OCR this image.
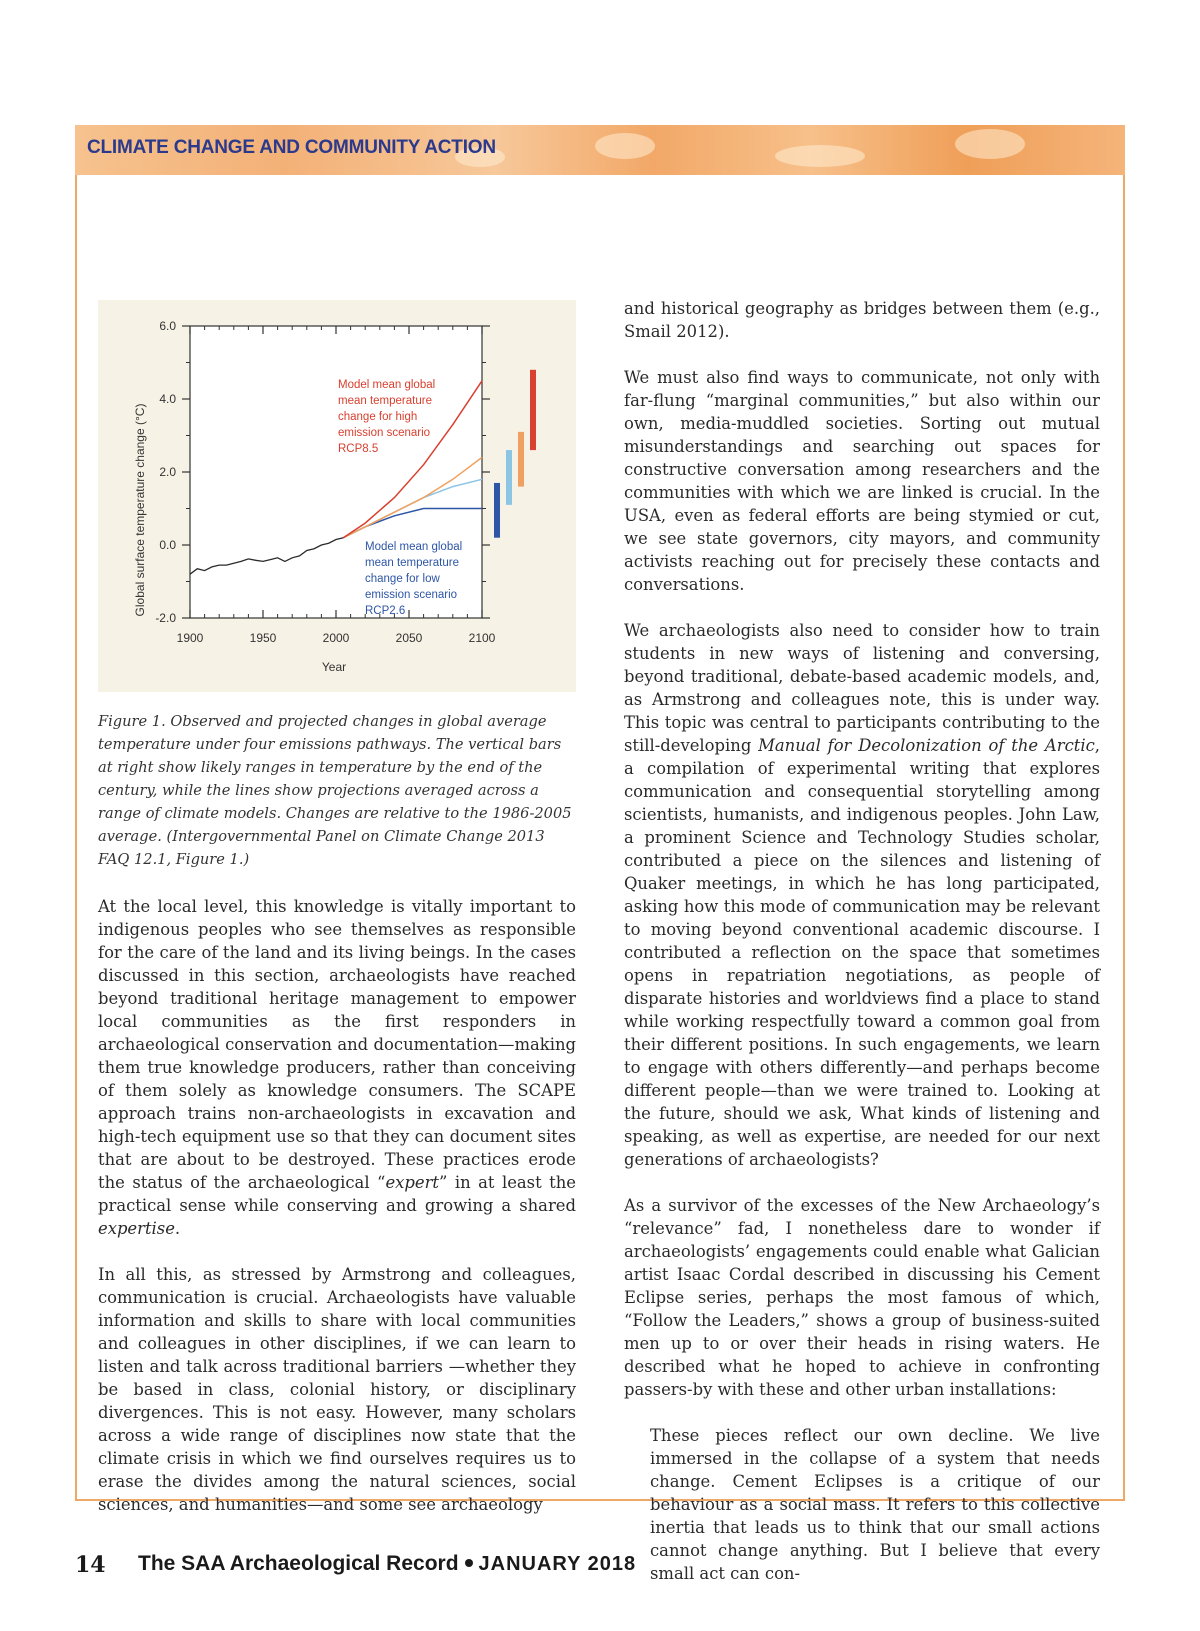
CLIMATE CHANGE AND COMMUNITY ACTION
1900	1950	2000	2050	2100
-2.0
0.0
2.0
4.0
6.0
Global surface temperature change (°C)
Year
Model mean global mean temperature change for high emission scenario RCP8.5
Model mean global mean temperature change for low emission scenario RCP2.6

Figure 1. Observed and projected changes in global average temperature under four emissions pathways. The vertical bars at right show likely ranges in temperature by the end of the century, while the lines show projections averaged across a range of climate models. Changes are relative to the 1986-2005 average. (Intergovernmental Panel on Climate Change 2013 FAQ 12.1, Figure 1.)

At the local level, this knowledge is vitally important to indigenous peoples who see themselves as responsible for the care of the land and its living beings. In the cases discussed in this section, archaeologists have reached beyond traditional heritage management to empower local communities as the first responders in archaeological conservation and documentation—making them true knowledge producers, rather than conceiving of them solely as knowledge consumers. The SCAPE approach trains non-archaeologists in excavation and high-tech equipment use so that they can document sites that are about to be destroyed. These practices erode the status of the archaeological “expert” in at least the practical sense while conserving and growing a shared expertise.

In all this, as stressed by Armstrong and colleagues, communication is crucial. Archaeologists have valuable information and skills to share with local communities and colleagues in other disciplines, if we can learn to listen and talk across traditional barriers —whether they be based in class, colonial history, or disciplinary divergences. This is not easy. However, many scholars across a wide range of disciplines now state that the climate crisis in which we find ourselves requires us to erase the divides among the natural sciences, social sciences, and humanities—and some see archaeology

and historical geography as bridges between them (e.g., Smail 2012).

We must also find ways to communicate, not only with far-flung “marginal communities,” but also within our own, media-muddled societies. Sorting out mutual misunderstandings and searching out spaces for constructive conversation among researchers and the communities with which we are linked is crucial. In the USA, even as federal efforts are being stymied or cut, we see state governors, city mayors, and community activists reaching out for precisely these contacts and conversations.

We archaeologists also need to consider how to train students in new ways of listening and conversing, beyond traditional, debate-based academic models, and, as Armstrong and colleagues note, this is under way. This topic was central to participants contributing to the still-developing Manual for Decolonization of the Arctic, a compilation of experimental writing that explores communication and consequential storytelling among scientists, humanists, and indigenous peoples. John Law, a prominent Science and Technology Studies scholar, contributed a piece on the silences and listening of Quaker meetings, in which he has long participated, asking how this mode of communication may be relevant to moving beyond conventional academic discourse. I contributed a reflection on the space that sometimes opens in repatriation negotiations, as people of disparate histories and worldviews find a place to stand while working respectfully toward a common goal from their different positions. In such engagements, we learn to engage with others differently—and perhaps become different people—than we were trained to. Looking at the future, should we ask, What kinds of listening and speaking, as well as expertise, are needed for our next generations of archaeologists?

As a survivor of the excesses of the New Archaeology’s “relevance” fad, I nonetheless dare to wonder if archaeologists’ engagements could enable what Galician artist Isaac Cordal described in discussing his Cement Eclipse series, perhaps the most famous of which, “Follow the Leaders,” shows a group of business-suited men up to or over their heads in rising waters. He described what he hoped to achieve in confronting passers-by with these and other urban installations:

These pieces reflect our own decline. We live immersed in the collapse of a system that needs change. Cement Eclipses is a critique of our behaviour as a social mass. It refers to this collective inertia that leads us to think that our small actions cannot change anything. But I believe that every small act can con-

14 The SAA Archaeological Record JANUARY 2018
